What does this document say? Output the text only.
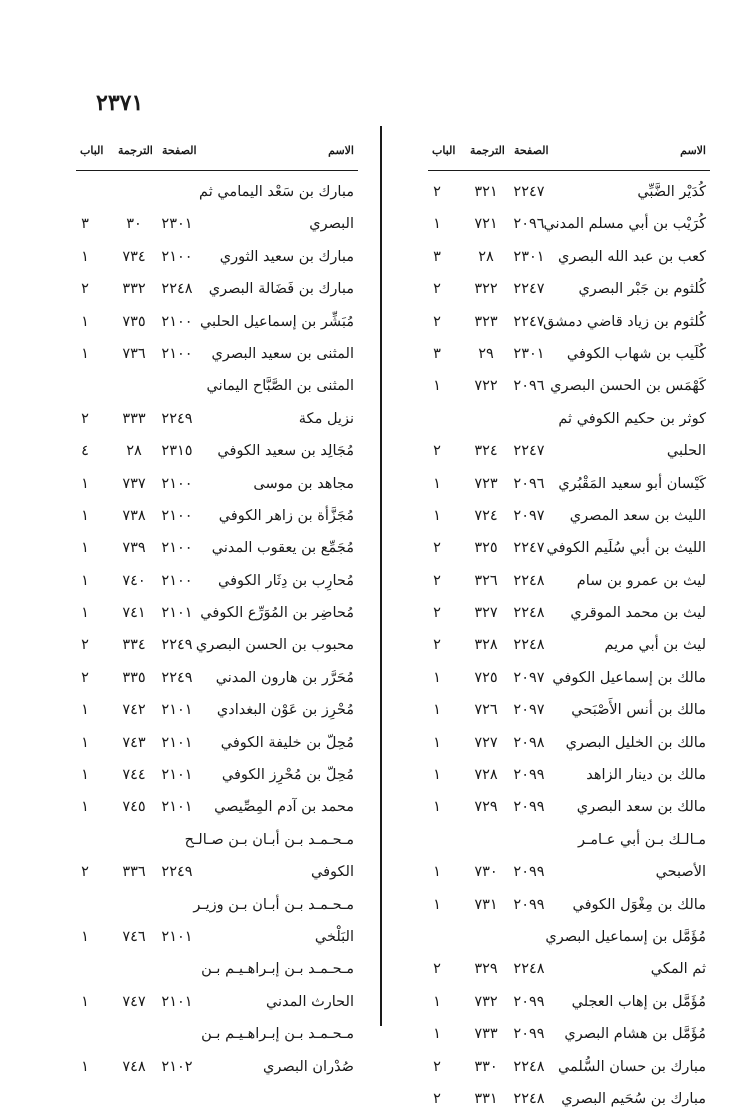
٢٣٧١
الاسم
الصفحة
الترجمة
الباب
كُدَيْر الضَّبِّي
٢٢٤٧
٣٢١
٢
كُرَيْب بن أبي مسلم المدني
٢٠٩٦
٧٢١
١
كعب بن عبد الله البصري
٢٣٠١
٢٨
٣
كُلثوم بن جَبْر البصري
٢٢٤٧
٣٢٢
٢
كُلثوم بن زياد قاضي دمشق
٢٢٤٧
٣٢٣
٢
كُلَيب بن شهاب الكوفي
٢٣٠١
٢٩
٣
كَهْمَس بن الحسن البصري
٢٠٩٦
٧٢٢
١
كوثر بن حكيم الكوفي ثم
الحلبي
٢٢٤٧
٣٢٤
٢
كَيْسان أبو سعيد المَقْبُري
٢٠٩٦
٧٢٣
١
الليث بن سعد المصري
٢٠٩٧
٧٢٤
١
الليث بن أبي سُلَيم الكوفي
٢٢٤٧
٣٢٥
٢
ليث بن عمرو بن سام
٢٢٤٨
٣٢٦
٢
ليث بن محمد الموقري
٢٢٤٨
٣٢٧
٢
ليث بن أبي مريم
٢٢٤٨
٣٢٨
٢
مالك بن إسماعيل الكوفي
٢٠٩٧
٧٢٥
١
مالك بن أنس الأَصْبَحي
٢٠٩٧
٧٢٦
١
مالك بن الخليل البصري
٢٠٩٨
٧٢٧
١
مالك بن دينار الزاهد
٢٠٩٩
٧٢٨
١
مالك بن سعد البصري
٢٠٩٩
٧٢٩
١
مـالـك بـن أبي عـامـر
الأصبحي
٢٠٩٩
٧٣٠
١
مالك بن مِغْوَل الكوفي
٢٠٩٩
٧٣١
١
مُؤَمَّل بن إسماعيل البصري
ثم المكي
٢٢٤٨
٣٢٩
٢
مُؤَمَّل بن إهاب العجلي
٢٠٩٩
٧٣٢
١
مُؤَمَّل بن هشام البصري
٢٠٩٩
٧٣٣
١
مبارك بن حسان السُّلمي
٢٢٤٨
٣٣٠
٢
مبارك بن سُحَيم البصري
٢٢٤٨
٣٣١
٢
الاسم
الصفحة
الترجمة
الباب
مبارك بن سَعْد اليمامي ثم
البصري
٢٣٠١
٣٠
٣
مبارك بن سعيد الثوري
٢١٠٠
٧٣٤
١
مبارك بن فَضَالة البصري
٢٢٤٨
٣٣٢
٢
مُبَشِّر بن إسماعيل الحلبي
٢١٠٠
٧٣٥
١
المثنى بن سعيد البصري
٢١٠٠
٧٣٦
١
المثنى بن الصَّبَّاح اليماني
نزيل مكة
٢٢٤٩
٣٣٣
٢
مُجَالِد بن سعيد الكوفي
٢٣١٥
٢٨
٤
مجاهد بن موسى
٢١٠٠
٧٣٧
١
مُجَزَّأة بن زاهر الكوفي
٢١٠٠
٧٣٨
١
مُجَمِّع بن يعقوب المدني
٢١٠٠
٧٣٩
١
مُحارِب بن دِثَار الكوفي
٢١٠٠
٧٤٠
١
مُحاضِر بن المُوَرِّع الكوفي
٢١٠١
٧٤١
١
محبوب بن الحسن البصري
٢٢٤٩
٣٣٤
٢
مُحَرَّر بن هارون المدني
٢٢٤٩
٣٣٥
٢
مُحْرِز بن عَوْن البغدادي
٢١٠١
٧٤٢
١
مُحِلّ بن خليفة الكوفي
٢١٠١
٧٤٣
١
مُحِلّ بن مُحْرِز الكوفي
٢١٠١
٧٤٤
١
محمد بن آدم المِصِّيصي
٢١٠١
٧٤٥
١
مـحـمـد بـن أبـان بـن صـالـح
الكوفي
٢٢٤٩
٣٣٦
٢
مـحـمـد بـن أبـان بـن وزيـر
البَلْخي
٢١٠١
٧٤٦
١
مـحـمـد بـن إبـراهـيـم بـن
الحارث المدني
٢١٠١
٧٤٧
١
مـحـمـد بـن إبـراهـيـم بـن
صُدْران البصري
٢١٠٢
٧٤٨
١
